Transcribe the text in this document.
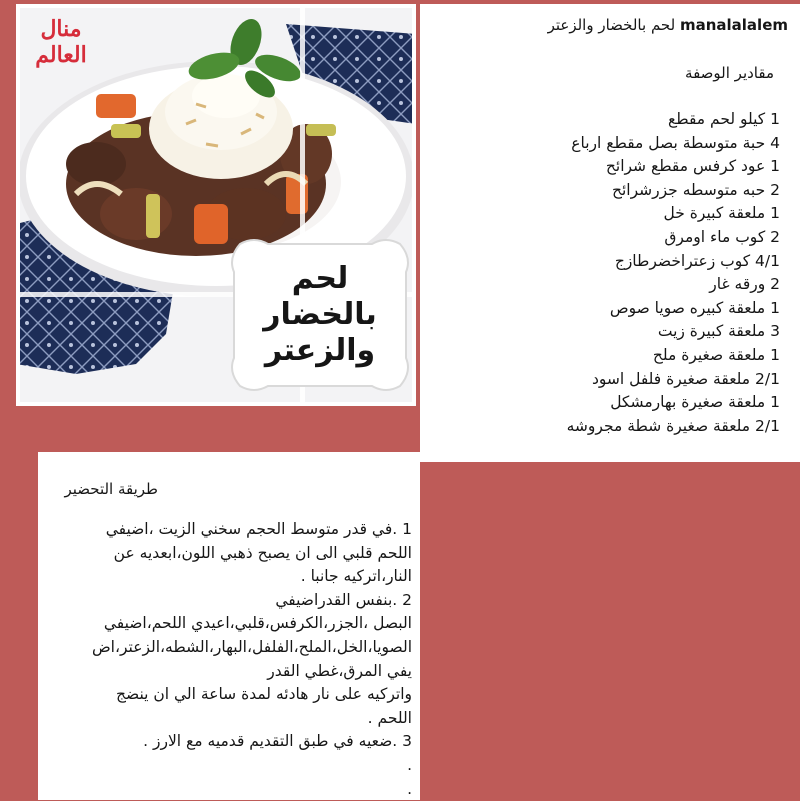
منال العالم
لحم
بالخضار
والزعتر
manalalalem لحم بالخضار والزعتر
مقادير الوصفة
1 كيلو لحم مقطع
4 حبة متوسطة بصل مقطع ارباع
1 عود كرفس مقطع شرائح
2 حبه متوسطه جزرشرائح
1 ملعقة كبيرة خل
2 كوب ماء اومرق
4/1 كوب زعتراخضرطازج
2 ورقه غار
1 ملعقة كبيره صويا صوص
3 ملعقة كبيرة زيت
1 ملعقة صغيرة ملح
2/1 ملعقة صغيرة فلفل اسود
1 ملعقة صغيرة بهارمشكل
2/1 ملعقة صغيرة شطة مجروشه
طريقة التحضير

1 .في قدر متوسط الحجم سخني الزيت ،اضيفي

اللحم قلبي الى ان يصبح ذهبي اللون،ابعديه عن

النار،اتركيه جانبا .

2 .بنفس القدراضيفي

البصل ،الجزر،الكرفس،قلبي،اعيدي اللحم،اضيفي

الصويا،الخل،الملح،الفلفل،البهار،الشطه،الزعتر،اض

يفي المرق،غطي القدر

واتركيه على نار هادئه لمدة ساعة الي ان ينضج

اللحم .

3 .ضعيه في طبق التقديم قدميه مع الارز .

.

.
